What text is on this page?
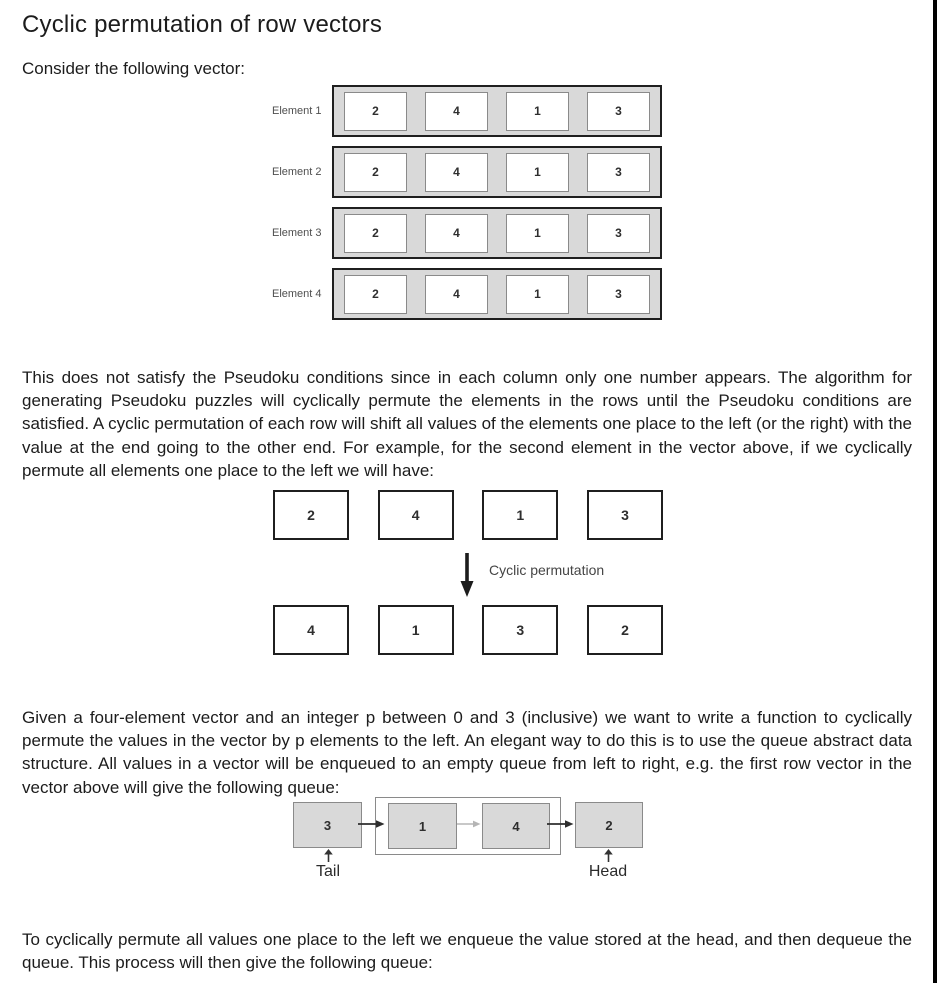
Cyclic permutation of row vectors

Consider the following vector:

Element 1	2	4	1	3
Element 2	2	4	1	3
Element 3	2	4	1	3
Element 4	2	4	1	3

This does not satisfy the Pseudoku conditions since in each column only one number appears. The algorithm for generating Pseudoku puzzles will cyclically permute the elements in the rows until the Pseudoku conditions are satisfied. A cyclic permutation of each row will shift all values of the elements one place to the left (or the right) with the value at the end going to the other end. For example, for the second element in the vector above, if we cyclically permute all elements one place to the left we will have:

2	4	1	3
Cyclic permutation
4	1	3	2

Given a four-element vector and an integer p between 0 and 3 (inclusive) we want to write a function to cyclically permute the values in the vector by p elements to the left. An elegant way to do this is to use the queue abstract data structure. All values in a vector will be enqueued to an empty queue from left to right, e.g. the first row vector in the vector above will give the following queue:

3	1	4	2
Tail	Head

To cyclically permute all values one place to the left we enqueue the value stored at the head, and then dequeue the queue. This process will then give the following queue:
